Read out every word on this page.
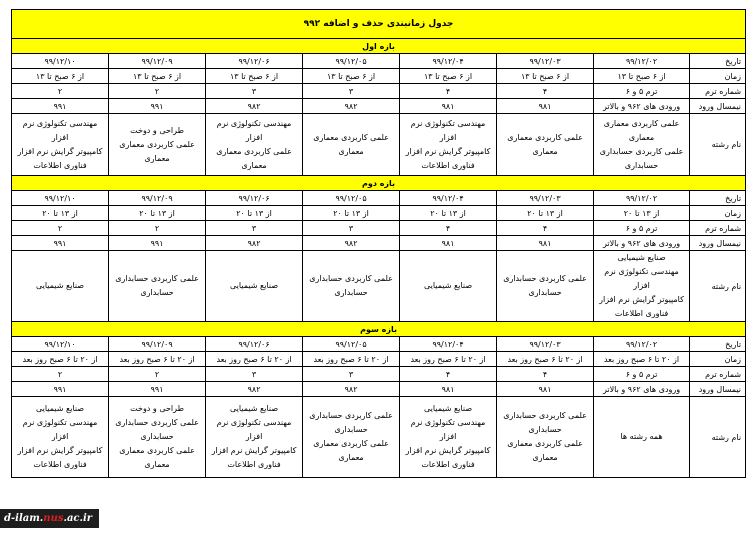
جدول زمانبندی حذف و اضافه ۹۹۲							
بازه اول							
تاریخ	۹۹/۱۲/۰۲	۹۹/۱۲/۰۳	۹۹/۱۲/۰۴	۹۹/۱۲/۰۵	۹۹/۱۲/۰۶	۹۹/۱۲/۰۹	۹۹/۱۲/۱۰
زمان	از ۶ صبح تا ۱۳	از ۶ صبح تا ۱۳	از ۶ صبح تا ۱۳	از ۶ صبح تا ۱۳	از ۶ صبح تا ۱۳	از ۶ صبح تا ۱۳	از ۶ صبح تا ۱۳
شماره ترم	ترم ۵ و ۶	۴	۴	۳	۳	۲	۲
نیمسال ورود	ورودی های ۹۶۲ و بالاتر	۹۸۱	۹۸۱	۹۸۲	۹۸۲	۹۹۱	۹۹۱
نام رشته	علمی کاربردی معماری
معماری
علمی کاربردی حسابداری
حسابداری	علمی کاربردی معماری
معماری	مهندسی تکنولوژی نرم افزار
کامپیوتر گرایش نرم افزار
فناوری اطلاعات	علمی کاربردی معماری
معماری	مهندسی تکنولوژی نرم افزار
علمی کاربردی معماری
معماری	طراحی و دوخت
علمی کاربردی معماری
معماری	مهندسی تکنولوژی نرم افزار
کامپیوتر گرایش نرم افزار
فناوری اطلاعات
بازه دوم							
تاریخ	۹۹/۱۲/۰۲	۹۹/۱۲/۰۳	۹۹/۱۲/۰۴	۹۹/۱۲/۰۵	۹۹/۱۲/۰۶	۹۹/۱۲/۰۹	۹۹/۱۲/۱۰
زمان	از ۱۳ تا ۲۰	از ۱۳ تا ۲۰	از ۱۳ تا ۲۰	از ۱۳ تا ۲۰	از ۱۳ تا ۲۰	از ۱۳ تا ۲۰	از ۱۳ تا ۲۰
شماره ترم	ترم ۵ و ۶	۴	۴	۳	۳	۲	۲
نیمسال ورود	ورودی های ۹۶۲ و بالاتر	۹۸۱	۹۸۱	۹۸۲	۹۸۲	۹۹۱	۹۹۱
نام رشته	صنایع شیمیایی
مهندسی تکنولوژی نرم افزار
کامپیوتر گرایش نرم افزار
فناوری اطلاعات	علمی کاربردی حسابداری
حسابداری	صنایع شیمیایی	علمی کاربردی حسابداری
حسابداری	صنایع شیمیایی	علمی کاربردی حسابداری
حسابداری	صنایع شیمیایی
بازه سوم							
تاریخ	۹۹/۱۲/۰۲	۹۹/۱۲/۰۳	۹۹/۱۲/۰۴	۹۹/۱۲/۰۵	۹۹/۱۲/۰۶	۹۹/۱۲/۰۹	۹۹/۱۲/۱۰
زمان	از ۲۰ تا ۶ صبح روز بعد	از ۲۰ تا ۶ صبح روز بعد	از ۲۰ تا ۶ صبح روز بعد	از ۲۰ تا ۶ صبح روز بعد	از ۲۰ تا ۶ صبح روز بعد	از ۲۰ تا ۶ صبح روز بعد	از ۲۰ تا ۶ صبح روز بعد
شماره ترم	ترم ۵ و ۶	۴	۴	۳	۳	۲	۲
نیمسال ورود	ورودی های ۹۶۲ و بالاتر	۹۸۱	۹۸۱	۹۸۲	۹۸۲	۹۹۱	۹۹۱
نام رشته	همه رشته ها	علمی کاربردی حسابداری
حسابداری
علمی کاربردی معماری
معماری	صنایع شیمیایی
مهندسی تکنولوژی نرم افزار
کامپیوتر گرایش نرم افزار
فناوری اطلاعات	علمی کاربردی حسابداری
حسابداری
علمی کاربردی معماری
معماری	صنایع شیمیایی
مهندسی تکنولوژی نرم افزار
کامپیوتر گرایش نرم افزار
فناوری اطلاعات	طراحی و دوخت
علمی کاربردی حسابداری
حسابداری
علمی کاربردی معماری
معماری	صنایع شیمیایی
مهندسی تکنولوژی نرم افزار
کامپیوتر گرایش نرم افزار
فناوری اطلاعات
d-ilam.nus.ac.ir
